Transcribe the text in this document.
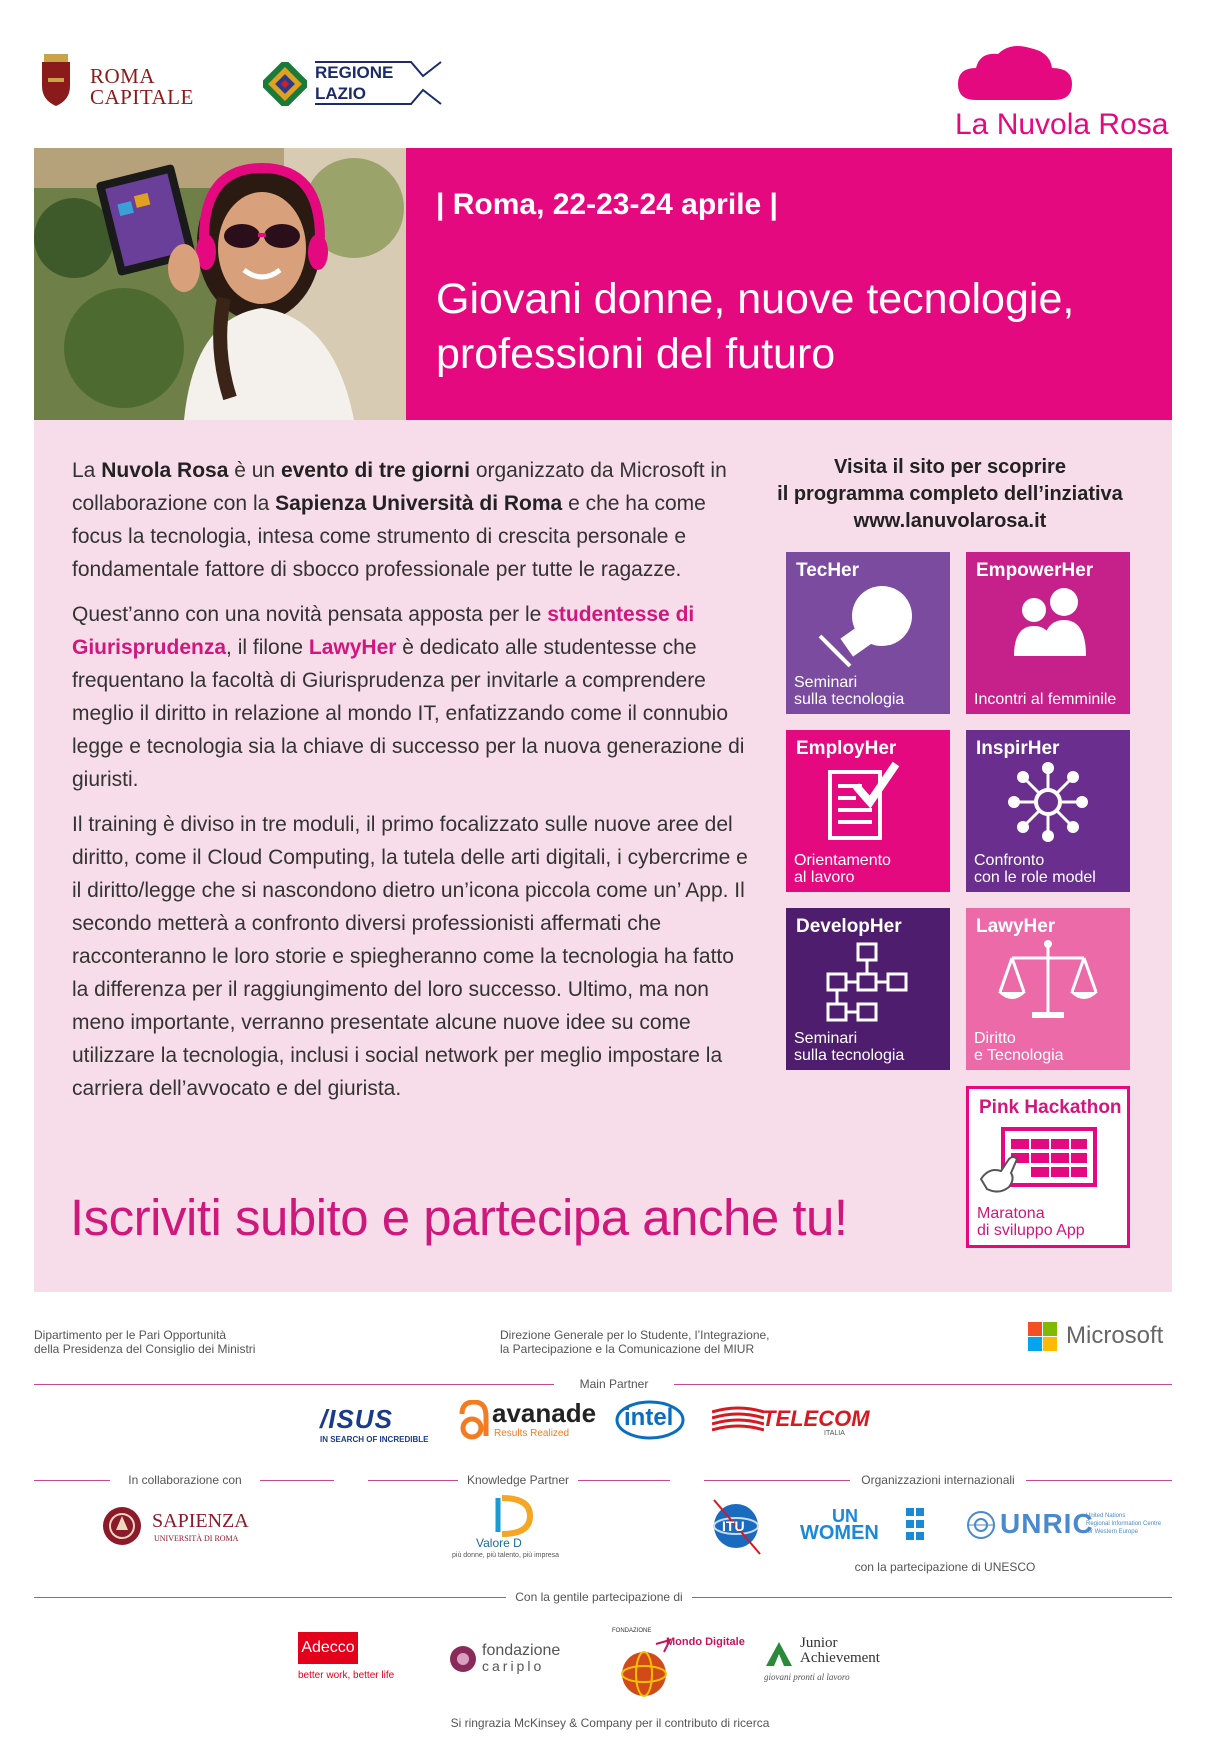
ROMA
CAPITALE
REGIONE
LAZIO
La Nuvola Rosa
| Roma, 22-23-24 aprile |
Giovani donne, nuove tecnologie,
professioni del futuro

La Nuvola Rosa è un evento di tre giorni organizzato da Microsoft in collaborazione con la Sapienza Università di Roma e che ha come focus la tecnologia, intesa come strumento di crescita personale e fondamentale fattore di sbocco professionale per tutte le ragazze.

Quest’anno con una novità pensata apposta per le studentesse di Giurisprudenza, il filone LawyHer è dedicato alle studentesse che frequentano la facoltà di Giurisprudenza per invitarle a comprendere meglio il diritto in relazione al mondo IT, enfatizzando come il connubio legge e tecnologia sia la chiave di successo per la nuova generazione di giuristi.

Il training è diviso in tre moduli, il primo focalizzato sulle nuove aree del diritto, come il Cloud Computing, la tutela delle arti digitali, i cybercrime e il diritto/legge che si nascondono dietro un’icona piccola come un’ App. Il secondo metterà a confronto diversi professionisti affermati che racconteranno le loro storie e spiegheranno come la tecnologia ha fatto la differenza per il raggiungimento del loro successo. Ultimo, ma non meno importante, verranno presentate alcune nuove idee su come utilizzare la tecnologia, inclusi i social network per meglio impostare la carriera dell’avvocato e del giurista.

Iscriviti subito e partecipa anche tu!
Visita il sito per scoprire
il programma completo dell’inziativa
www.lanuvolarosa.it
TecHer
Seminari
sulla tecnologia
EmpowerHer
Incontri al femminile
EmployHer
Orientamento
al lavoro
InspirHer
Confronto
con le role model
DevelopHer
Seminari
sulla tecnologia
LawyHer
Diritto
e Tecnologia
Pink Hackathon
Maratona
di sviluppo App
Dipartimento per le Pari Opportunità
della Presidenza del Consiglio dei Ministri
Direzione Generale per lo Studente, l’Integrazione,
la Partecipazione e la Comunicazione del MIUR	Microsoft
Main Partner
/ISUS
IN SEARCH OF INCREDIBLE
avanade
Results Realized
intel	TELECOM
ITALIA
In collaborazione con	Knowledge Partner	Organizzazioni internazionali
SAPIENZA
UNIVERSITÀ DI ROMA	Valore D
più donne, più talento, più impresa
ITU	UN
WOMEN	UNRIC
United Nations
Regional Information Centre
for Western Europe
con la partecipazione di UNESCO
Con la gentile partecipazione di
Adecco
better work, better life
fondazione
cariplo
FONDAZIONE
Mondo Digitale	Junior
Achievement
giovani pronti al lavoro
Si ringrazia McKinsey & Company per il contributo di ricerca
